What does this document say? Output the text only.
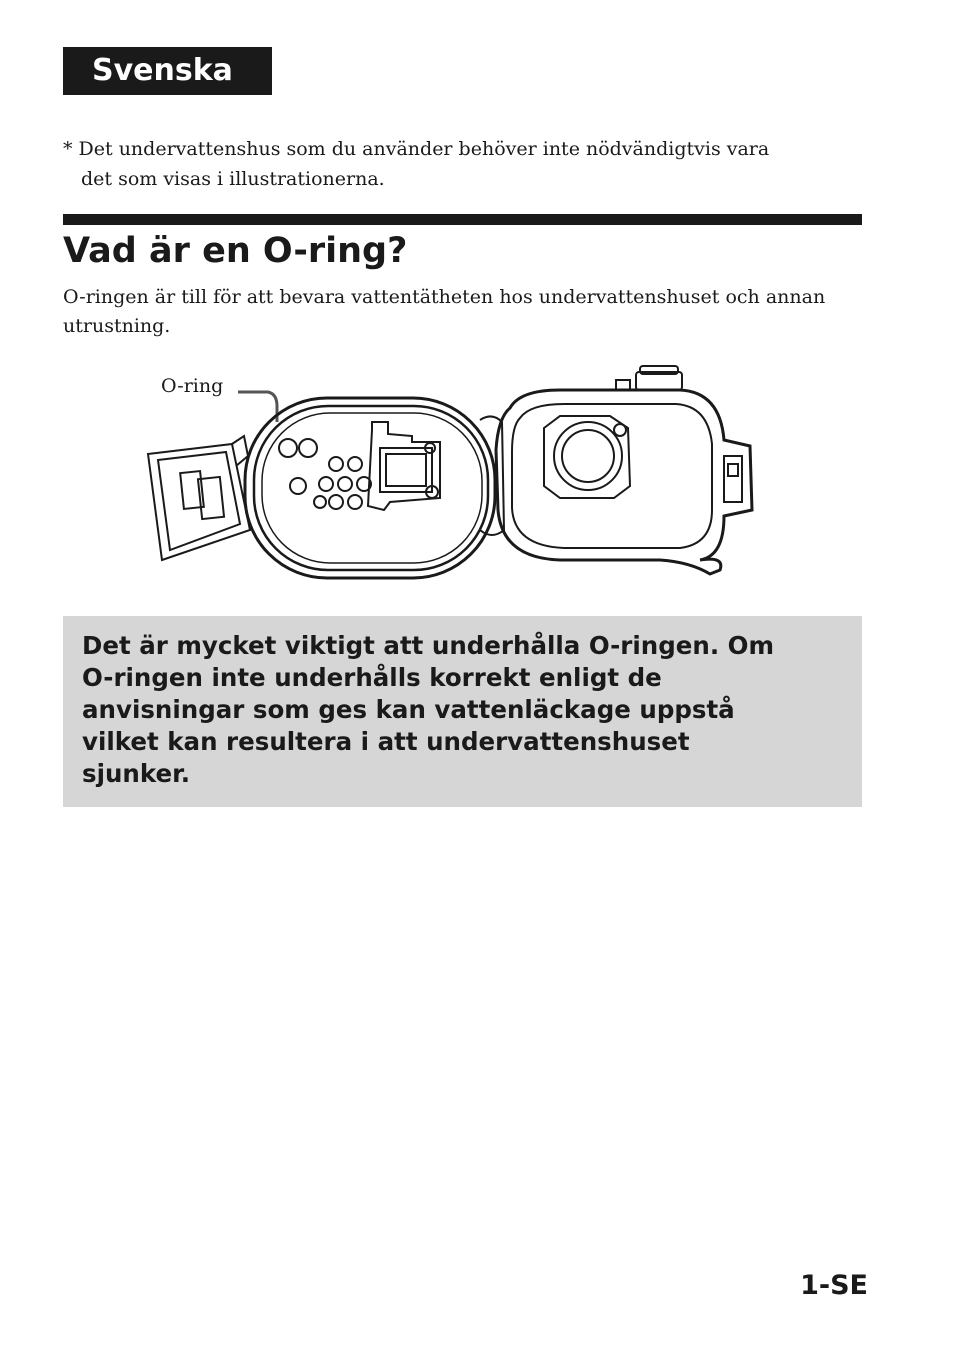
Svenska
* Det undervattenshus som du använder behöver inte nödvändigtvis vara
det som visas i illustrationerna.
Vad är en O-ring?
O-ringen är till för att bevara vattentätheten hos undervattenshuset och annan utrustning.
O-ring
Det är mycket viktigt att underhålla O-ringen. Om
O-ringen inte underhålls korrekt enligt de
anvisningar som ges kan vattenläckage uppstå
vilket kan resultera i att undervattenshuset
sjunker.
1-SE
